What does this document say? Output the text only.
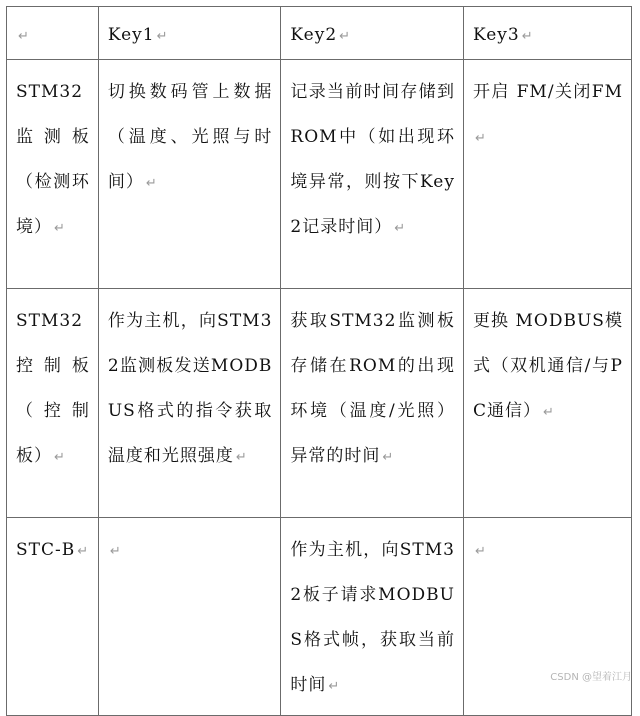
↵	Key1 ↵	Key2 ↵	Key3 ↵
STM32监测板（检测环境） ↵	切换数码管上数据（温度、光照与时间） ↵	记录当前时间存储到ROM中（如出现环境异常，则按下Key2记录时间） ↵	开启 FM/关闭FM↵
STM32控制板（控制板） ↵	作为主机，向STM32监测板发送MODBUS格式的指令获取温度和光照强度 ↵	获取STM32监测板存储在ROM的出现环境（温度/光照）异常的时间 ↵	更换 MODBUS模式（双机通信/与PC通信） ↵
STC-B ↵	↵	作为主机，向STM32板子请求MODBUS格式帧，获取当前时间 ↵	↵
CSDN @望着江月
